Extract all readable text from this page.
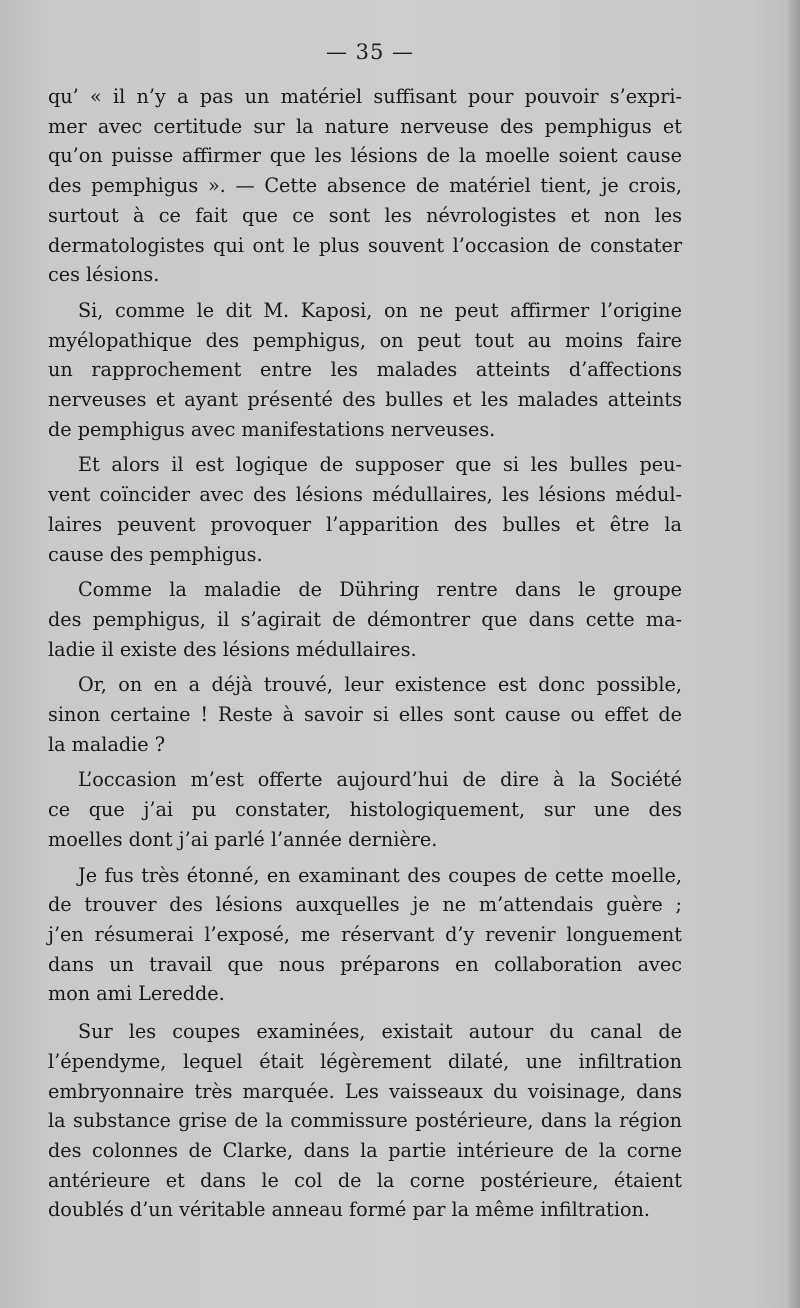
— 35 —
qu’ « il n’y a pas un matériel suffisant pour pouvoir s’expri-
mer avec certitude sur la nature nerveuse des pemphigus et
qu’on puisse affirmer que les lésions de la moelle soient cause
des pemphigus ». — Cette absence de matériel tient, je crois,
surtout à ce fait que ce sont les névrologistes et non les
dermatologistes qui ont le plus souvent l’occasion de constater
ces lésions.
Si, comme le dit M. Kaposi, on ne peut affirmer l’origine
myélopathique des pemphigus, on peut tout au moins faire
un rapprochement entre les malades atteints d’affections
nerveuses et ayant présenté des bulles et les malades atteints
de pemphigus avec manifestations nerveuses.
Et alors il est logique de supposer que si les bulles peu-
vent coïncider avec des lésions médullaires, les lésions médul-
laires peuvent provoquer l’apparition des bulles et être la
cause des pemphigus.
Comme la maladie de Dühring rentre dans le groupe
des pemphigus, il s’agirait de démontrer que dans cette ma-
ladie il existe des lésions médullaires.
Or, on en a déjà trouvé, leur existence est donc possible,
sinon certaine ! Reste à savoir si elles sont cause ou effet de
la maladie ?
L’occasion m’est offerte aujourd’hui de dire à la Société
ce que j’ai pu constater, histologiquement, sur une des
moelles dont j’ai parlé l’année dernière.
Je fus très étonné, en examinant des coupes de cette moelle,
de trouver des lésions auxquelles je ne m’attendais guère ;
j’en résumerai l’exposé, me réservant d’y revenir longuement
dans un travail que nous préparons en collaboration avec
mon ami Leredde.
Sur les coupes examinées, existait autour du canal de
l’épendyme, lequel était légèrement dilaté, une infiltration
embryonnaire très marquée. Les vaisseaux du voisinage, dans
la substance grise de la commissure postérieure, dans la région
des colonnes de Clarke, dans la partie intérieure de la corne
antérieure et dans le col de la corne postérieure, étaient
doublés d’un véritable anneau formé par la même infiltration.
